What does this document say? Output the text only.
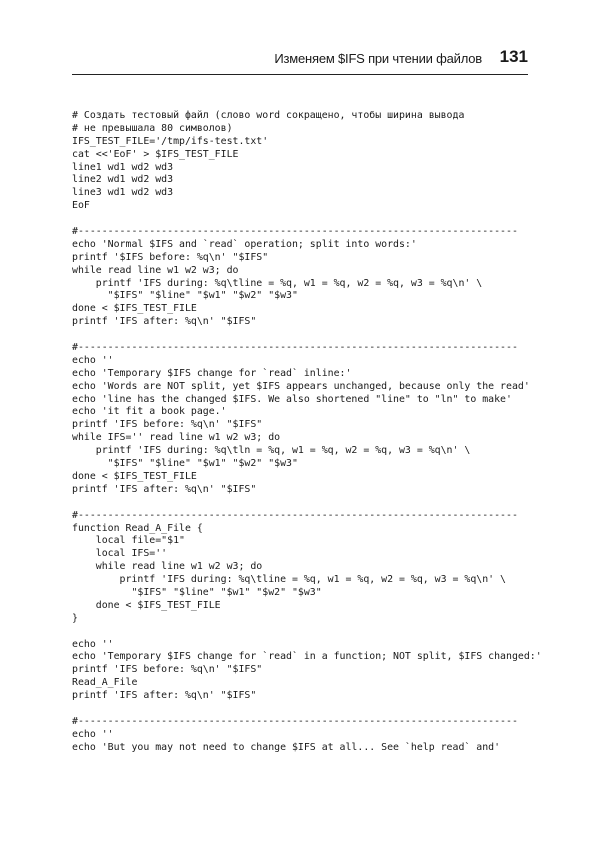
Изменяем $IFS при чтении файлов 131
# Создать тестовый файл (слово word сокращено, чтобы ширина вывода
# не превышала 80 символов)
IFS_TEST_FILE='/tmp/ifs-test.txt'
cat <<'EoF' > $IFS_TEST_FILE
line1 wd1 wd2 wd3
line2 wd1 wd2 wd3
line3 wd1 wd2 wd3
EoF
#--------------------------------------------------------------------------
echo 'Normal $IFS and `read` operation; split into words:'
printf '$IFS before: %q\n' "$IFS"
while read line w1 w2 w3; do
printf 'IFS during: %q\tline = %q, w1 = %q, w2 = %q, w3 = %q\n' \
"$IFS" "$line" "$w1" "$w2" "$w3"
done < $IFS_TEST_FILE
printf 'IFS after: %q\n' "$IFS"
#--------------------------------------------------------------------------
echo ''
echo 'Temporary $IFS change for `read` inline:'
echo 'Words are NOT split, yet $IFS appears unchanged, because only the read'
echo 'line has the changed $IFS. We also shortened "line" to "ln" to make'
echo 'it fit a book page.'
printf 'IFS before: %q\n' "$IFS"
while IFS='' read line w1 w2 w3; do
printf 'IFS during: %q\tln = %q, w1 = %q, w2 = %q, w3 = %q\n' \
"$IFS" "$line" "$w1" "$w2" "$w3"
done < $IFS_TEST_FILE
printf 'IFS after: %q\n' "$IFS"
#--------------------------------------------------------------------------
function Read_A_File {
local file="$1"
local IFS=''
while read line w1 w2 w3; do
printf 'IFS during: %q\tline = %q, w1 = %q, w2 = %q, w3 = %q\n' \
"$IFS" "$line" "$w1" "$w2" "$w3"
done < $IFS_TEST_FILE
}
echo ''
echo 'Temporary $IFS change for `read` in a function; NOT split, $IFS changed:'
printf 'IFS before: %q\n' "$IFS"
Read_A_File
printf 'IFS after: %q\n' "$IFS"
#--------------------------------------------------------------------------
echo ''
echo 'But you may not need to change $IFS at all... See `help read` and'
